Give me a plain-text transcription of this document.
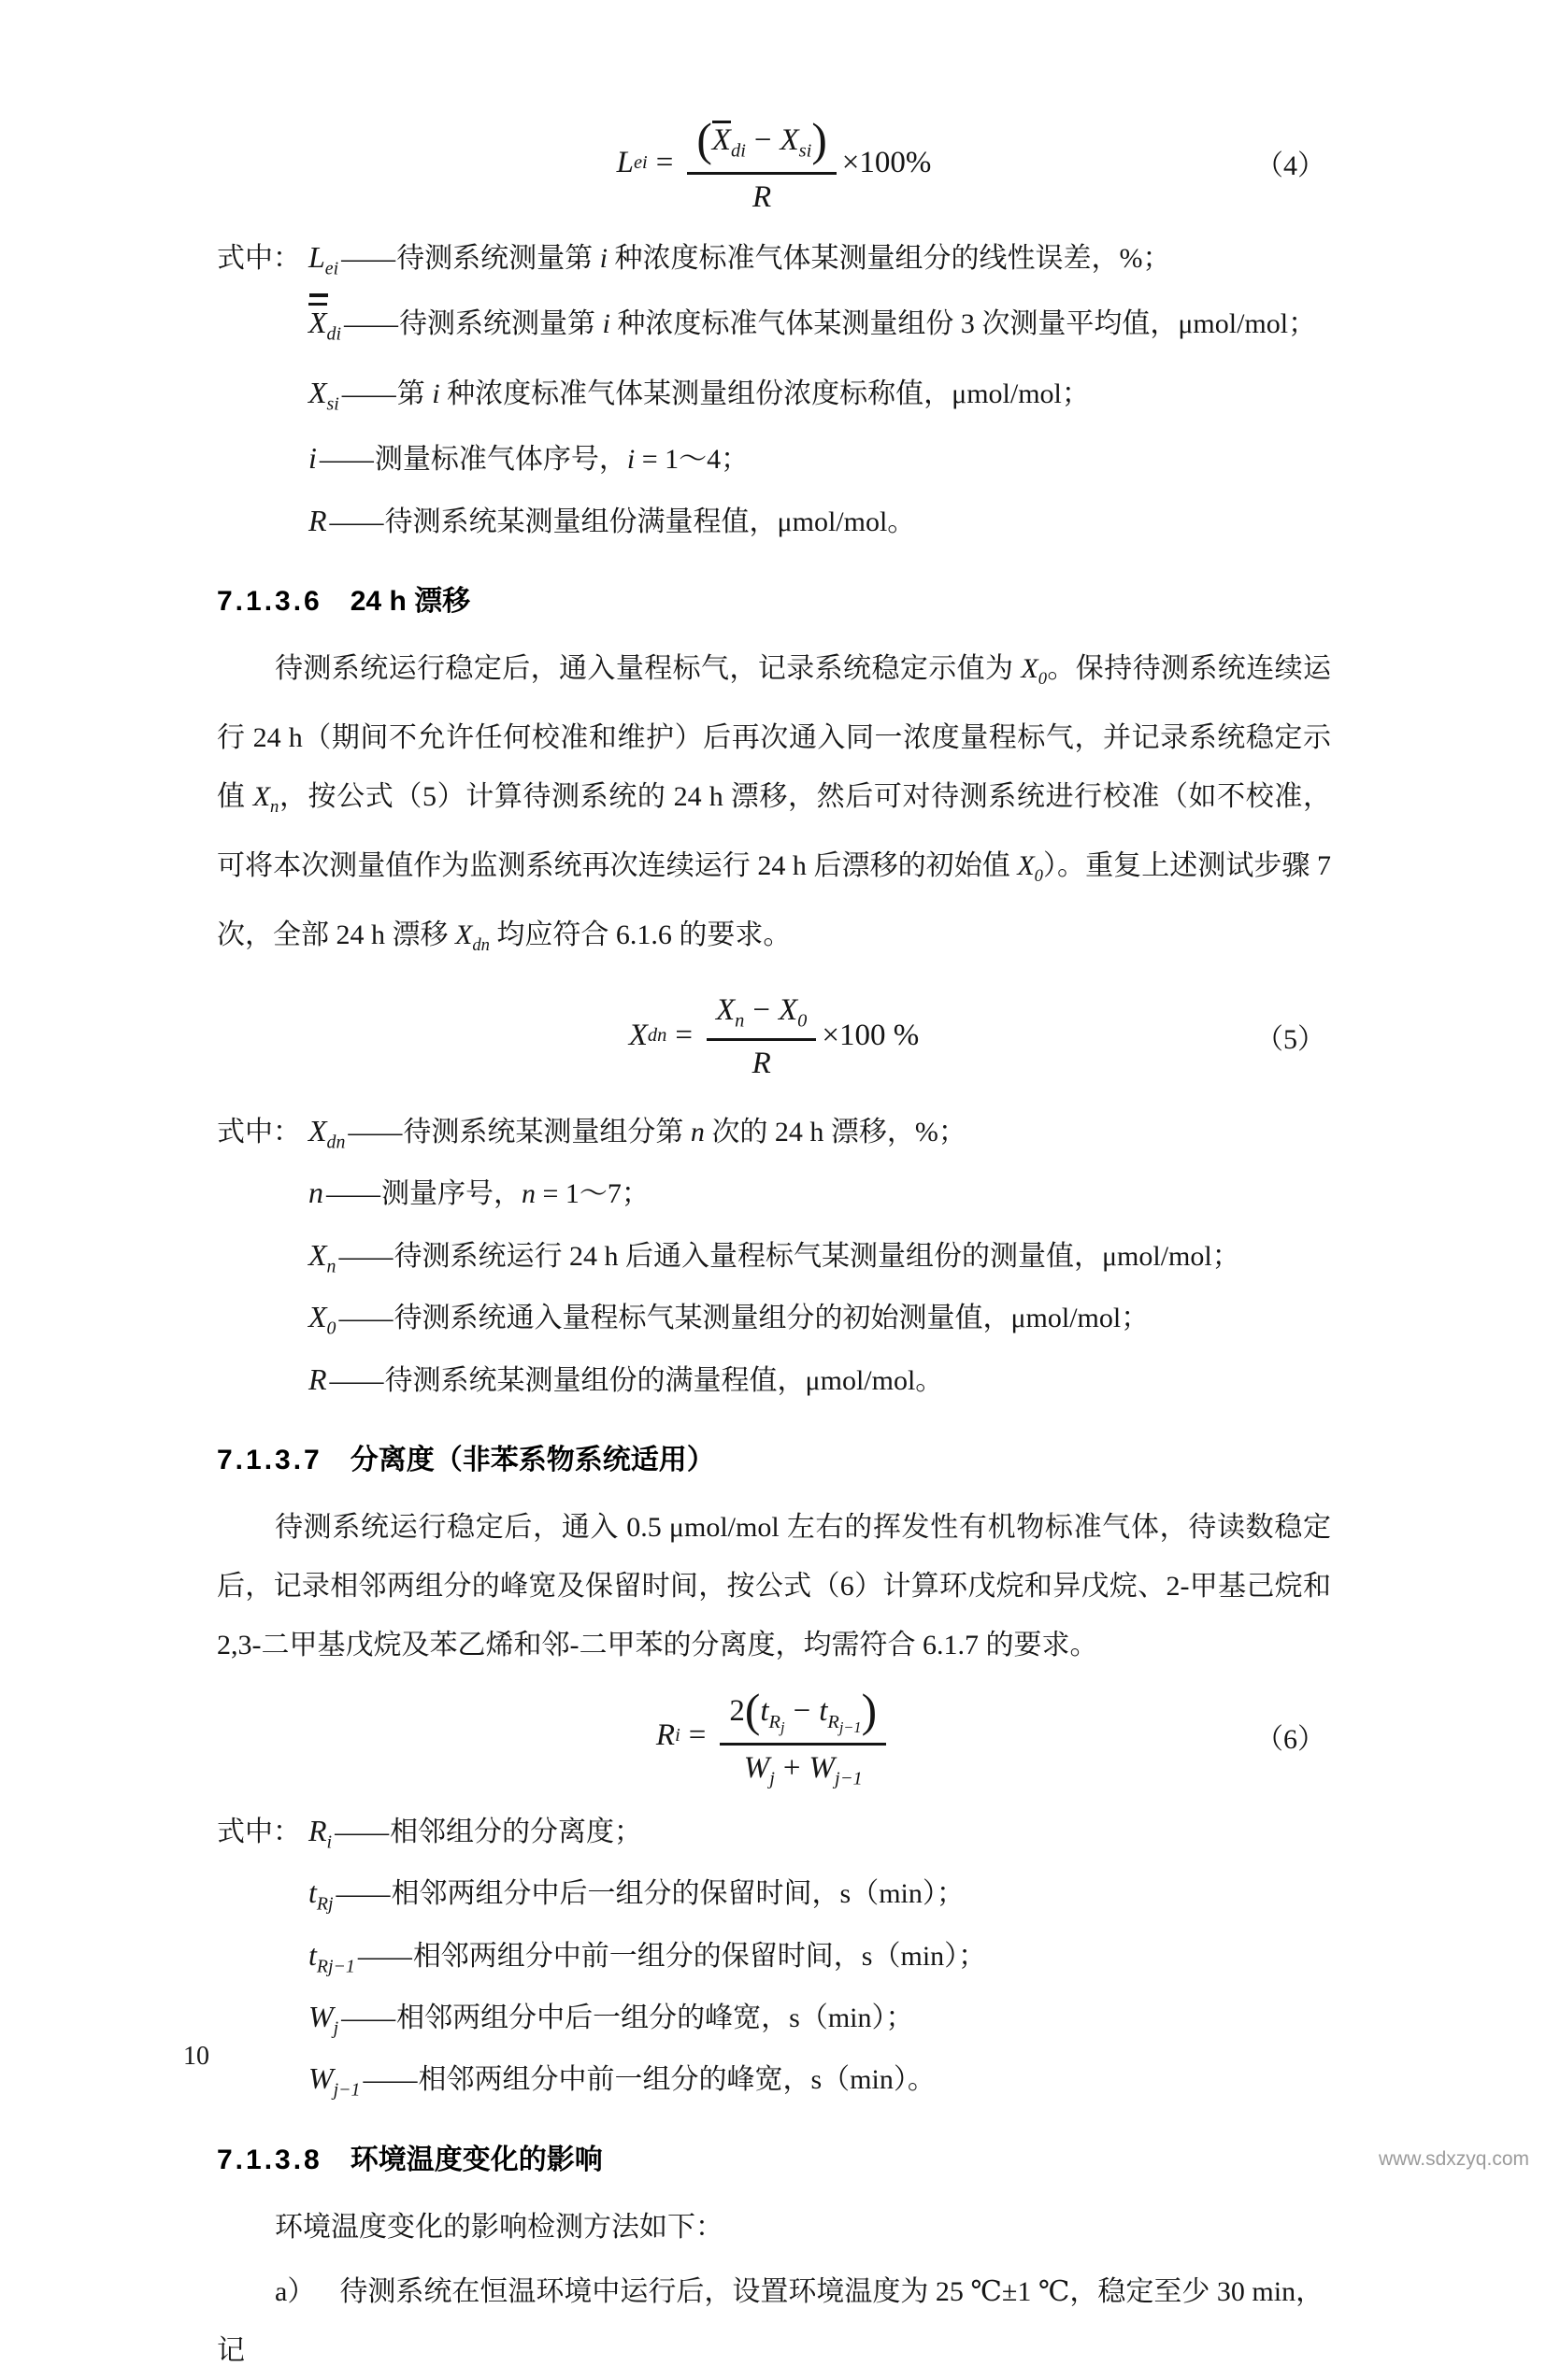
L ei = $\frac{(X_{di} - X_{si})}{R} \times 100\%$	（4）
式中： $L_{ei}$ —— 待测系统测量第 i 种浓度标准气体某测量组分的线性误差，%；
$X_{di}$ —— 待测系统测量第 i 种浓度标准气体某测量组份 3 次测量平均值，μmol/mol；
$X_{si}$ —— 第 i 种浓度标准气体某测量组份浓度标称值，μmol/mol；
i —— 测量标准气体序号，i = 1～4；
R —— 待测系统某测量组份满量程值，μmol/mol。
7.1.3.6 24 h 漂移

待测系统运行稳定后，通入量程标气，记录系统稳定示值为 $X_0$。保持待测系统连续运行 24 h（期间不允许任何校准和维护）后再次通入同一浓度量程标气，并记录系统稳定示值 $X_n$，按公式（5）计算待测系统的 24 h 漂移，然后可对待测系统进行校准（如不校准，可将本次测量值作为监测系统再次连续运行 24 h 后漂移的初始值 $X_0$）。重复上述测试步骤 7 次，全部 24 h 漂移 $X_{dn}$ 均应符合 6.1.6 的要求。

X dn = $\frac{X_n - X_0}{R} \times 100$ %	（5）
式中： $X_{dn}$ —— 待测系统某测量组分第 n 次的 24 h 漂移，%；
n —— 测量序号，n = 1～7；
$X_n$ —— 待测系统运行 24 h 后通入量程标气某测量组份的测量值，μmol/mol；
$X_0$ —— 待测系统通入量程标气某测量组分的初始测量值，μmol/mol；
R —— 待测系统某测量组份的满量程值，μmol/mol。
7.1.3.7 分离度（非苯系物系统适用）

待测系统运行稳定后，通入 0.5 μmol/mol 左右的挥发性有机物标准气体，待读数稳定后，记录相邻两组分的峰宽及保留时间，按公式（6）计算环戊烷和异戊烷、2-甲基己烷和 2,3-二甲基戊烷及苯乙烯和邻-二甲苯的分离度，均需符合 6.1.7 的要求。

R $i = \frac{2(t_{R_j} - t_{R_{j-1}})}{W_j + W_{j-1}}$	（6）
式中： $R_i$ —— 相邻组分的分离度；
$t_{Rj}$ —— 相邻两组分中后一组分的保留时间，s（min）；
$t_{Rj-1}$ —— 相邻两组分中前一组分的保留时间，s（min）；
$W_j$ —— 相邻两组分中后一组分的峰宽，s（min）；
$W_{j-1}$ —— 相邻两组分中前一组分的峰宽，s（min）。
7.1.3.8 环境温度变化的影响

环境温度变化的影响检测方法如下：

a） 待测系统在恒温环境中运行后，设置环境温度为 25 ℃±1 ℃，稳定至少 30 min，记

10
www.sdxzyq.com
